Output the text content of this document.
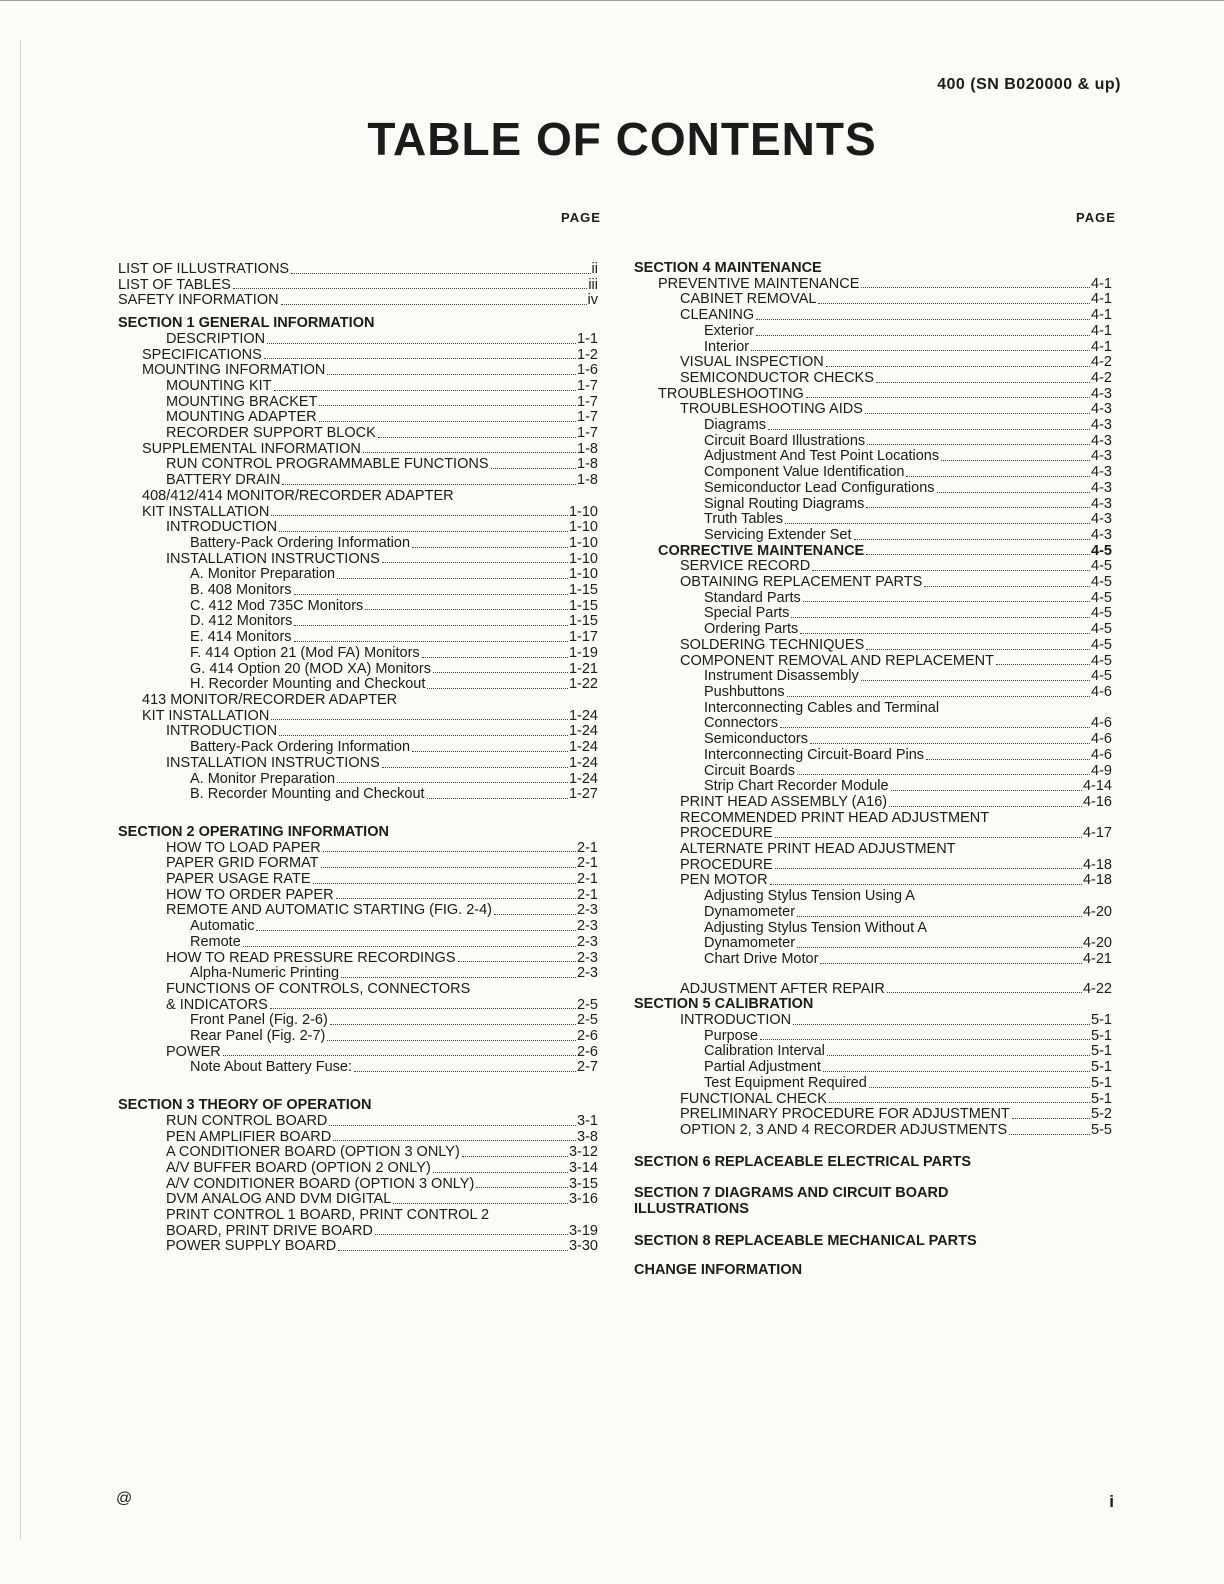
400 (SN B020000 & up)
TABLE OF CONTENTS
PAGE	PAGE
LIST OF ILLUSTRATIONS	ii
LIST OF TABLES	iii
SAFETY INFORMATION	iv
SECTION 1 GENERAL INFORMATION
DESCRIPTION	1-1
SPECIFICATIONS	1-2
MOUNTING INFORMATION	1-6
MOUNTING KIT	1-7
MOUNTING BRACKET	1-7
MOUNTING ADAPTER	1-7
RECORDER SUPPORT BLOCK	1-7
SUPPLEMENTAL INFORMATION	1-8
RUN CONTROL PROGRAMMABLE FUNCTIONS	1-8
BATTERY DRAIN	1-8
408/412/414 MONITOR/RECORDER ADAPTER
KIT INSTALLATION	1-10
INTRODUCTION	1-10
Battery-Pack Ordering Information	1-10
INSTALLATION INSTRUCTIONS	1-10
A. Monitor Preparation	1-10
B. 408 Monitors	1-15
C. 412 Mod 735C Monitors	1-15
D. 412 Monitors	1-15
E. 414 Monitors	1-17
F. 414 Option 21 (Mod FA) Monitors	1-19
G. 414 Option 20 (MOD XA) Monitors	1-21
H. Recorder Mounting and Checkout	1-22
413 MONITOR/RECORDER ADAPTER
KIT INSTALLATION	1-24
INTRODUCTION	1-24
Battery-Pack Ordering Information	1-24
INSTALLATION INSTRUCTIONS	1-24
A. Monitor Preparation	1-24
B. Recorder Mounting and Checkout	1-27
SECTION 2 OPERATING INFORMATION
HOW TO LOAD PAPER	2-1
PAPER GRID FORMAT	2-1
PAPER USAGE RATE	2-1
HOW TO ORDER PAPER	2-1
REMOTE AND AUTOMATIC STARTING (FIG. 2-4)	2-3
Automatic	2-3
Remote	2-3
HOW TO READ PRESSURE RECORDINGS	2-3
Alpha-Numeric Printing	2-3
FUNCTIONS OF CONTROLS, CONNECTORS
& INDICATORS	2-5
Front Panel (Fig. 2-6)	2-5
Rear Panel (Fig. 2-7)	2-6
POWER	2-6
Note About Battery Fuse:	2-7
SECTION 3 THEORY OF OPERATION
RUN CONTROL BOARD	3-1
PEN AMPLIFIER BOARD	3-8
A CONDITIONER BOARD (OPTION 3 ONLY)	3-12
A/V BUFFER BOARD (OPTION 2 ONLY)	3-14
A/V CONDITIONER BOARD (OPTION 3 ONLY)	3-15
DVM ANALOG AND DVM DIGITAL	3-16
PRINT CONTROL 1 BOARD, PRINT CONTROL 2
BOARD, PRINT DRIVE BOARD	3-19
POWER SUPPLY BOARD	3-30
SECTION 4 MAINTENANCE
PREVENTIVE MAINTENANCE	4-1
CABINET REMOVAL	4-1
CLEANING	4-1
Exterior	4-1
Interior	4-1
VISUAL INSPECTION	4-2
SEMICONDUCTOR CHECKS	4-2
TROUBLESHOOTING	4-3
TROUBLESHOOTING AIDS	4-3
Diagrams	4-3
Circuit Board Illustrations	4-3
Adjustment And Test Point Locations	4-3
Component Value Identification	4-3
Semiconductor Lead Configurations	4-3
Signal Routing Diagrams	4-3
Truth Tables	4-3
Servicing Extender Set	4-3
CORRECTIVE MAINTENANCE	4-5
SERVICE RECORD	4-5
OBTAINING REPLACEMENT PARTS	4-5
Standard Parts	4-5
Special Parts	4-5
Ordering Parts	4-5
SOLDERING TECHNIQUES	4-5
COMPONENT REMOVAL AND REPLACEMENT	4-5
Instrument Disassembly	4-5
Pushbuttons	4-6
Interconnecting Cables and Terminal
Connectors	4-6
Semiconductors	4-6
Interconnecting Circuit-Board Pins	4-6
Circuit Boards	4-9
Strip Chart Recorder Module	4-14
PRINT HEAD ASSEMBLY (A16)	4-16
RECOMMENDED PRINT HEAD ADJUSTMENT
PROCEDURE	4-17
ALTERNATE PRINT HEAD ADJUSTMENT
PROCEDURE	4-18
PEN MOTOR	4-18
Adjusting Stylus Tension Using A
Dynamometer	4-20
Adjusting Stylus Tension Without A
Dynamometer	4-20
Chart Drive Motor	4-21
ADJUSTMENT AFTER REPAIR	4-22
SECTION 5 CALIBRATION
INTRODUCTION	5-1
Purpose	5-1
Calibration Interval	5-1
Partial Adjustment	5-1
Test Equipment Required	5-1
FUNCTIONAL CHECK	5-1
PRELIMINARY PROCEDURE FOR ADJUSTMENT	5-2
OPTION 2, 3 AND 4 RECORDER ADJUSTMENTS	5-5
SECTION 6 REPLACEABLE ELECTRICAL PARTS
SECTION 7 DIAGRAMS AND CIRCUIT BOARD
ILLUSTRATIONS
SECTION 8 REPLACEABLE MECHANICAL PARTS
CHANGE INFORMATION
@	i
